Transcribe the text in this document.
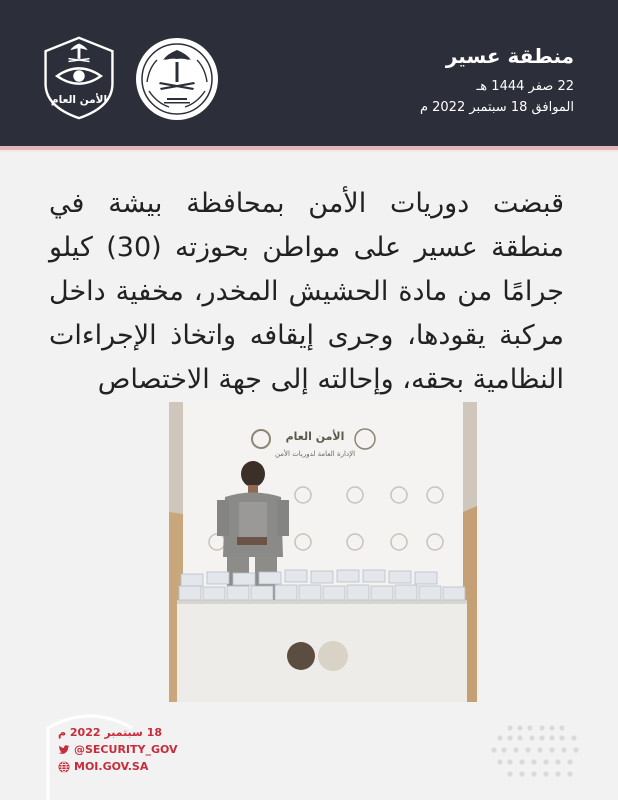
منطقة عسير
22 صفر 1444 هـ
الموافق 18 سبتمبر 2022 م
الأمن العام
قبضت دوريات الأمن بمحافظة بيشة في منطقة عسير على مواطن بحوزته (30) كيلو جرامًا من مادة الحشيش المخدر، مخفية داخل مركبة يقودها، وجرى إيقافه واتخاذ الإجراءات النظامية بحقه، وإحالته إلى جهة الاختصاص
الأمن العام
الإدارة العامة لدوريات الأمن
18 سبتمبر 2022 م
@SECURITY_GOV
MOI.GOV.SA
